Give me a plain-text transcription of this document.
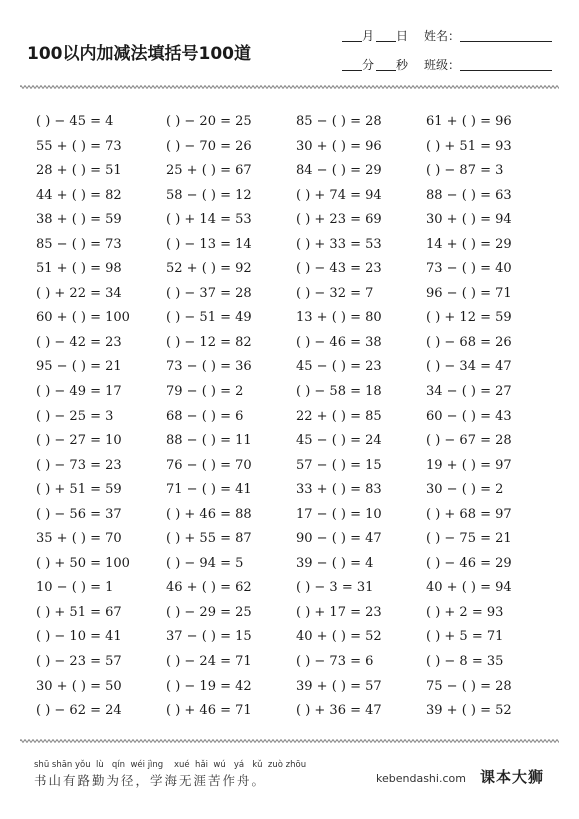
100以内加减法填括号100道
月 日 姓名：
分 秒 班级：
( ) − 45 = 4	( ) − 20 = 25	85 − ( ) = 28	61 + ( ) = 96
55 + ( ) = 73	( ) − 70 = 26	30 + ( ) = 96	( ) + 51 = 93
28 + ( ) = 51	25 + ( ) = 67	84 − ( ) = 29	( ) − 87 = 3
44 + ( ) = 82	58 − ( ) = 12	( ) + 74 = 94	88 − ( ) = 63
38 + ( ) = 59	( ) + 14 = 53	( ) + 23 = 69	30 + ( ) = 94
85 − ( ) = 73	( ) − 13 = 14	( ) + 33 = 53	14 + ( ) = 29
51 + ( ) = 98	52 + ( ) = 92	( ) − 43 = 23	73 − ( ) = 40
( ) + 22 = 34	( ) − 37 = 28	( ) − 32 = 7	96 − ( ) = 71
60 + ( ) = 100	( ) − 51 = 49	13 + ( ) = 80	( ) + 12 = 59
( ) − 42 = 23	( ) − 12 = 82	( ) − 46 = 38	( ) − 68 = 26
95 − ( ) = 21	73 − ( ) = 36	45 − ( ) = 23	( ) − 34 = 47
( ) − 49 = 17	79 − ( ) = 2	( ) − 58 = 18	34 − ( ) = 27
( ) − 25 = 3	68 − ( ) = 6	22 + ( ) = 85	60 − ( ) = 43
( ) − 27 = 10	88 − ( ) = 11	45 − ( ) = 24	( ) − 67 = 28
( ) − 73 = 23	76 − ( ) = 70	57 − ( ) = 15	19 + ( ) = 97
( ) + 51 = 59	71 − ( ) = 41	33 + ( ) = 83	30 − ( ) = 2
( ) − 56 = 37	( ) + 46 = 88	17 − ( ) = 10	( ) + 68 = 97
35 + ( ) = 70	( ) + 55 = 87	90 − ( ) = 47	( ) − 75 = 21
( ) + 50 = 100	( ) − 94 = 5	39 − ( ) = 4	( ) − 46 = 29
10 − ( ) = 1	46 + ( ) = 62	( ) − 3 = 31	40 + ( ) = 94
( ) + 51 = 67	( ) − 29 = 25	( ) + 17 = 23	( ) + 2 = 93
( ) − 10 = 41	37 − ( ) = 15	40 + ( ) = 52	( ) + 5 = 71
( ) − 23 = 57	( ) − 24 = 71	( ) − 73 = 6	( ) − 8 = 35
30 + ( ) = 50	( ) − 19 = 42	39 + ( ) = 57	75 − ( ) = 28
( ) − 62 = 24	( ) + 46 = 71	( ) + 36 = 47	39 + ( ) = 52
shū shān yǒu  lù   qín  wéi jìng    xué  hǎi  wú   yá   kǔ  zuò zhōu
书山有路勤为径，学海无涯苦作舟。	kebendashi.com 课本大狮
